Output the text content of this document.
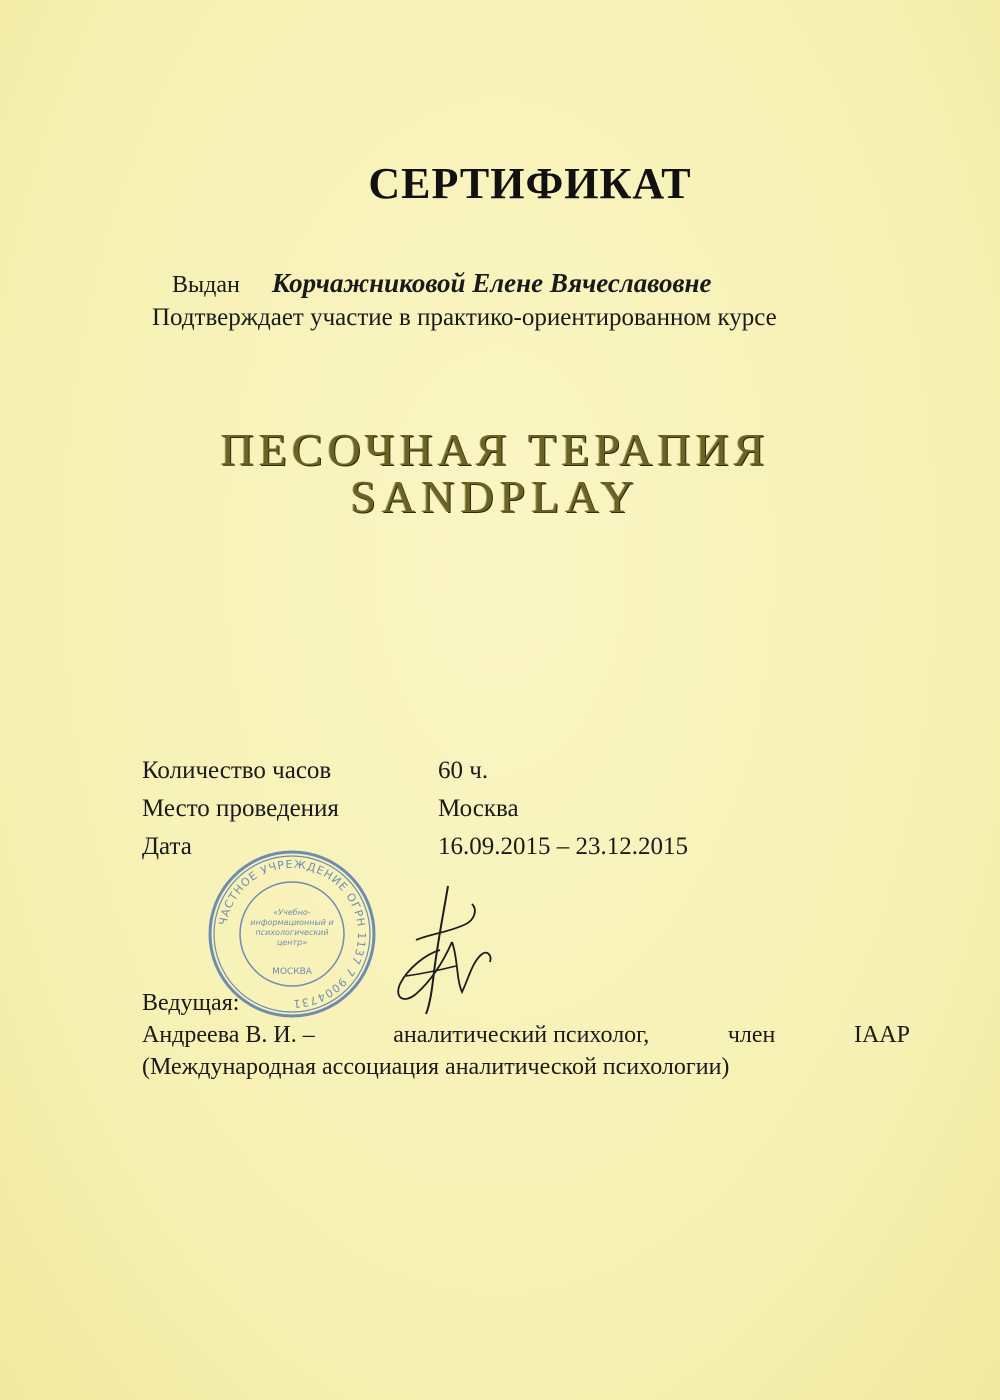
СЕРТИФИКАТ
Выдан Корчажниковой Елене Вячеславовне
Подтверждает участие в практико-ориентированном курсе
ПЕСОЧНАЯ ТЕРАПИЯ
SANDPLAY
Количество часов	60 ч.
Место проведения	Москва
Дата	16.09.2015 – 23.12.2015
ЧАСТНОЕ УЧРЕЖДЕНИЕ ОГРН 1137 7 9004731
«Учебно-информационный и психологический центр»
МОСКВА
Ведущая:
Андреева В. И. –	аналитический психолог,	член	IAAP
(Международная ассоциация аналитической психологии)
